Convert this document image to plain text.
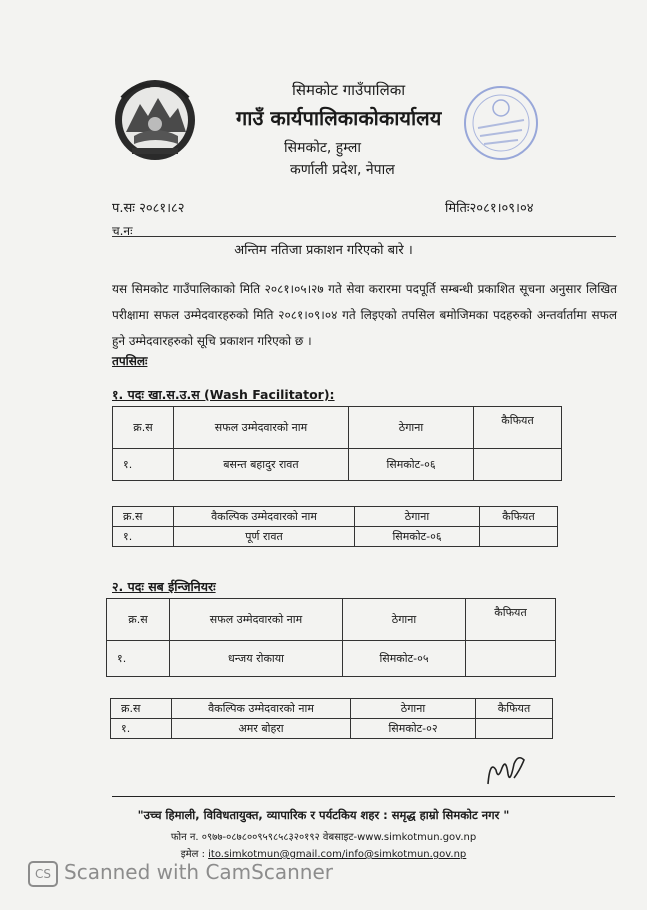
सिमकोट गाउँपालिका
गाउँ कार्यपालिकाकोकार्यालय
सिमकोट, हुम्ला
कर्णाली प्रदेश, नेपाल
प.सः २०८१।८२
च.नः
मितिः२०८१।०९।०४
अन्तिम नतिजा प्रकाशन गरिएको बारे ।
यस सिमकोट गाउँपालिकाको मिति २०८१।०५।२७ गते सेवा करारमा पदपूर्ति सम्बन्धी प्रकाशित सूचना अनुसार लिखित परीक्षामा सफल उम्मेदवारहरुको मिति २०८१।०९।०४ गते लिइएको तपसिल बमोजिमका पदहरुको अन्तर्वार्तामा सफल हुने उम्मेदवारहरुको सूचि प्रकाशन गरिएको छ ।
तपसिलः
१. पदः खा.स.उ.स (Wash Facilitator):
क्र.स	सफल उम्मेदवारको नाम	ठेगाना	कैफियत
१.	बसन्त बहादुर रावत	सिमकोट-०६	
क्र.स	वैकल्पिक उम्मेदवारको नाम	ठेगाना	कैफियत
१.	पूर्ण रावत	सिमकोट-०६	
२. पदः सब ईन्जिनियरः
क्र.स	सफल उम्मेदवारको नाम	ठेगाना	कैफियत
१.	धन्जय रोकाया	सिमकोट-०५	
क्र.स	वैकल्पिक उम्मेदवारको नाम	ठेगाना	कैफियत
१.	अमर बोहरा	सिमकोट-०२	
"उच्च हिमाली, विविधतायुक्त, व्यापारिक र पर्यटकिय शहर : समृद्ध हाम्रो सिमकोट नगर "
फोन न. ०९७७-०८७८००९५९८५८३२०१९२ वेबसाइट-www.simkotmun.gov.np
इमेल : ito.simkotmun@gmail.com/info@simkotmun.gov.np
CS Scanned with CamScanner
